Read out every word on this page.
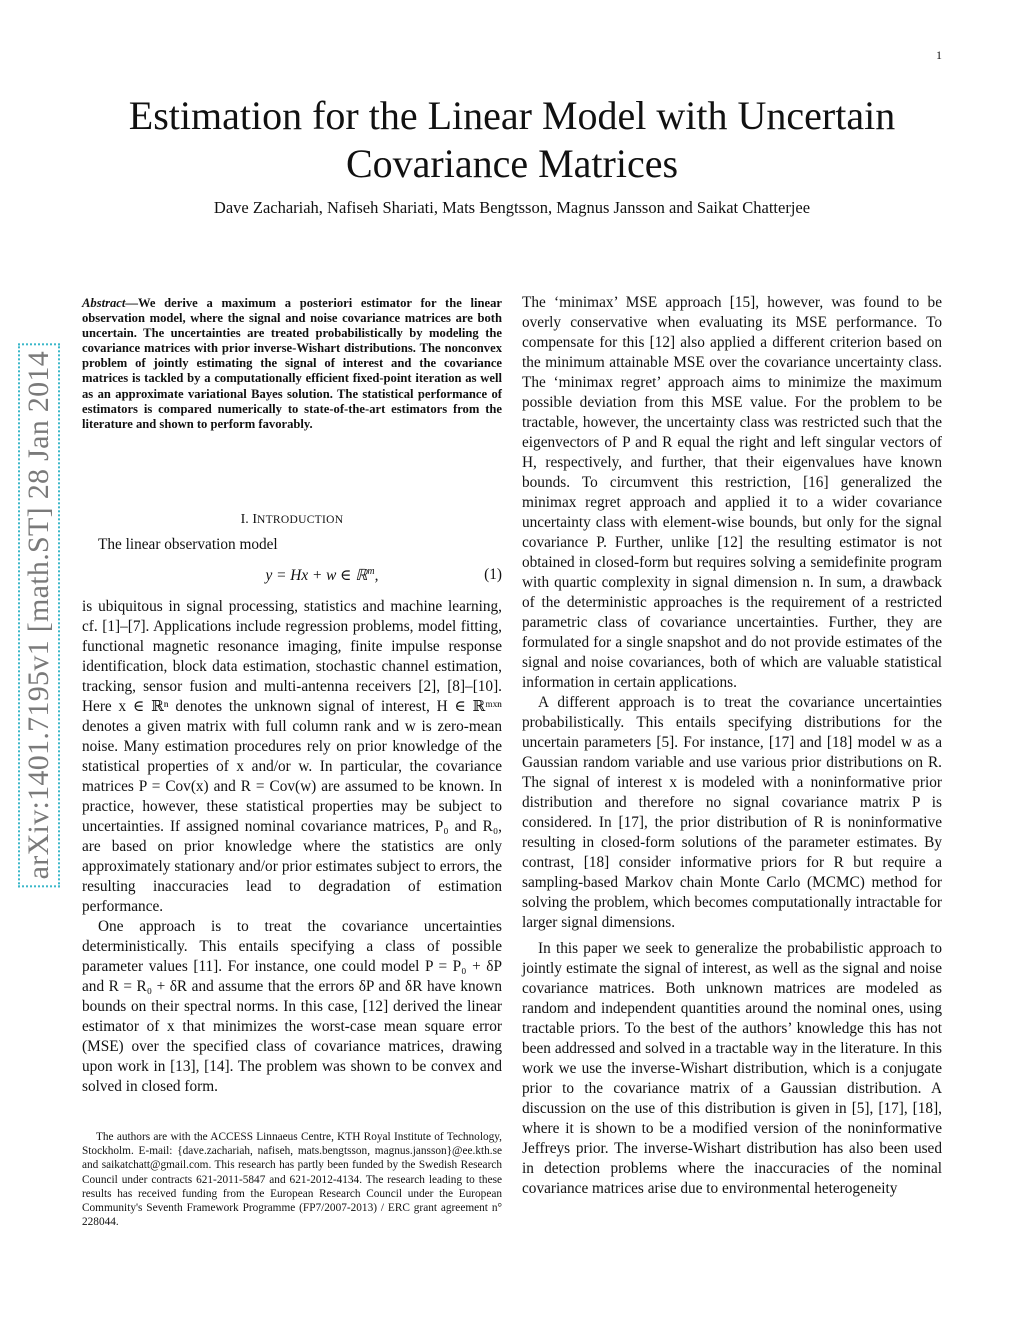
1
arXiv:1401.7195v1 [math.ST] 28 Jan 2014
Estimation for the Linear Model with Uncertain Covariance Matrices
Dave Zachariah, Nafiseh Shariati, Mats Bengtsson, Magnus Jansson and Saikat Chatterjee
Abstract—We derive a maximum a posteriori estimator for the linear observation model, where the signal and noise covariance matrices are both uncertain. The uncertainties are treated probabilistically by modeling the covariance matrices with prior inverse-Wishart distributions. The nonconvex problem of jointly estimating the signal of interest and the covariance matrices is tackled by a computationally efficient fixed-point iteration as well as an approximate variational Bayes solution. The statistical performance of estimators is compared numerically to state-of-the-art estimators from the literature and shown to perform favorably.
I. INTRODUCTION

The linear observation model

y = Hx + w ∈ ℝ$^m$,	(1)

is ubiquitous in signal processing, statistics and machine learning, cf. [1]–[7]. Applications include regression problems, model fitting, functional magnetic resonance imaging, finite impulse response identification, block data estimation, stochastic channel estimation, tracking, sensor fusion and multi-antenna receivers [2], [8]–[10]. Here x ∈ ℝⁿ denotes the unknown signal of interest, H ∈ ℝᵐˣⁿ denotes a given matrix with full column rank and w is zero-mean noise. Many estimation procedures rely on prior knowledge of the statistical properties of x and/or w. In particular, the covariance matrices P = Cov(x) and R = Cov(w) are assumed to be known. In practice, however, these statistical properties may be subject to uncertainties. If assigned nominal covariance matrices, P₀ and R₀, are based on prior knowledge where the statistics are only approximately stationary and/or prior estimates subject to errors, the resulting inaccuracies lead to degradation of estimation performance.

One approach is to treat the covariance uncertainties deterministically. This entails specifying a class of possible parameter values [11]. For instance, one could model P = P₀ + δP and R = R₀ + δR and assume that the errors δP and δR have known bounds on their spectral norms. In this case, [12] derived the linear estimator of x that minimizes the worst-case mean square error (MSE) over the specified class of covariance matrices, drawing upon work in [13], [14]. The problem was shown to be convex and solved in closed form.

The authors are with the ACCESS Linnaeus Centre, KTH Royal Institute of Technology, Stockholm. E-mail: {dave.zachariah, nafiseh, mats.bengtsson, magnus.jansson}@ee.kth.se and saikatchatt@gmail.com. This research has partly been funded by the Swedish Research Council under contracts 621-2011-5847 and 621-2012-4134. The research leading to these results has received funding from the European Research Council under the European Community's Seventh Framework Programme (FP7/2007-2013) / ERC grant agreement n° 228044.

The ‘minimax’ MSE approach [15], however, was found to be overly conservative when evaluating its MSE performance. To compensate for this [12] also applied a different criterion based on the minimum attainable MSE over the covariance uncertainty class. The ‘minimax regret’ approach aims to minimize the maximum possible deviation from this MSE value. For the problem to be tractable, however, the uncertainty class was restricted such that the eigenvectors of P and R equal the right and left singular vectors of H, respectively, and further, that their eigenvalues have known bounds. To circumvent this restriction, [16] generalized the minimax regret approach and applied it to a wider covariance uncertainty class with element-wise bounds, but only for the signal covariance P. Further, unlike [12] the resulting estimator is not obtained in closed-form but requires solving a semidefinite program with quartic complexity in signal dimension n. In sum, a drawback of the deterministic approaches is the requirement of a restricted parametric class of covariance uncertainties. Further, they are formulated for a single snapshot and do not provide estimates of the signal and noise covariances, both of which are valuable statistical information in certain applications.

A different approach is to treat the covariance uncertainties probabilistically. This entails specifying distributions for the uncertain parameters [5]. For instance, [17] and [18] model w as a Gaussian random variable and use various prior distributions on R. The signal of interest x is modeled with a noninformative prior distribution and therefore no signal covariance matrix P is considered. In [17], the prior distribution of R is noninformative resulting in closed-form solutions of the parameter estimates. By contrast, [18] consider informative priors for R but require a sampling-based Markov chain Monte Carlo (MCMC) method for solving the problem, which becomes computationally intractable for larger signal dimensions.

In this paper we seek to generalize the probabilistic approach to jointly estimate the signal of interest, as well as the signal and noise covariance matrices. Both unknown matrices are modeled as random and independent quantities around the nominal ones, using tractable priors. To the best of the authors’ knowledge this has not been addressed and solved in a tractable way in the literature. In this work we use the inverse-Wishart distribution, which is a conjugate prior to the covariance matrix of a Gaussian distribution. A discussion on the use of this distribution is given in [5], [17], [18], where it is shown to be a modified version of the noninformative Jeffreys prior. The inverse-Wishart distribution has also been used in detection problems where the inaccuracies of the nominal covariance matrices arise due to environmental heterogeneity
